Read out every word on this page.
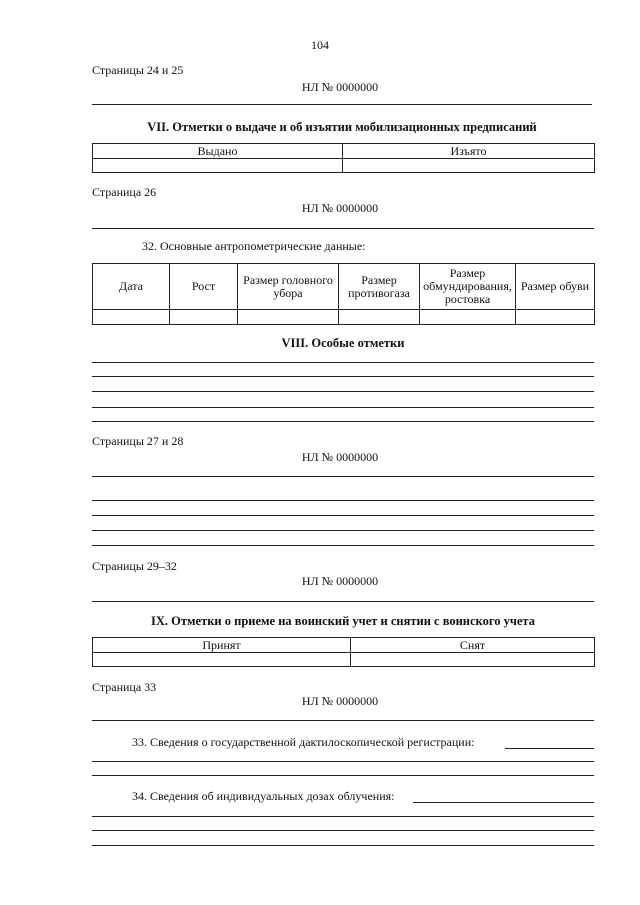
104
Страницы 24 и 25
НЛ № 0000000
VII. Отметки о выдаче и об изъятии мобилизационных предписаний
Выдано	Изъято

Страница 26
НЛ № 0000000
32. Основные антропометрические данные:
Дата	Рост	Размер головного убора	Размер противогаза	Размер обмундирования, ростовка	Размер обуви

VIII. Особые отметки
Страницы 27 и 28
НЛ № 0000000
Страницы 29–32
НЛ № 0000000
IX. Отметки о приеме на воинский учет и снятии с воинского учета
Принят	Снят

Страница 33
НЛ № 0000000
33. Сведения о государственной дактилоскопической регистрации:
34. Сведения об индивидуальных дозах облучения:
